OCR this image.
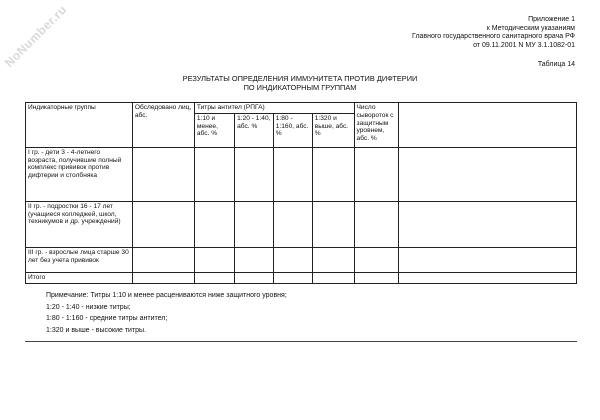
NoNumber.ru	Приложение 1
к Методическим указаниям
Главного государственного санитарного врача РФ
от 09.11.2001 N МУ 3.1.1082-01
Таблица 14
РЕЗУЛЬТАТЫ ОПРЕДЕЛЕНИЯ ИММУНИТЕТА ПРОТИВ ДИФТЕРИИ
ПО ИНДИКАТОРНЫМ ГРУППАМ
Индикаторные группы	Обследовано лиц, абс.	Титры антител (РПГА)				Число сывороток с защитным уровнем, абс. %	
		1:10 и менее, абс. %	1:20 - 1:40, абс. %	1:80 - 1:160, абс. %	1:320 и выше, абс. %		
I гр. - дети 3 - 4-летнего возраста, получившие полный комплекс прививок против дифтерии и столбняка							
II гр. - подростки 16 - 17 лет (учащиеся колледжей, школ, техникумов и др. учреждений)							
III гр. - взрослые лица старше 30 лет без учета прививок							
Итого							
Примечание: Титры 1:10 и менее расцениваются ниже защитного уровня;
1:20 - 1:40 - низкие титры;
1:80 - 1:160 - средние титры антител;
1:320 и выше - высокие титры.
